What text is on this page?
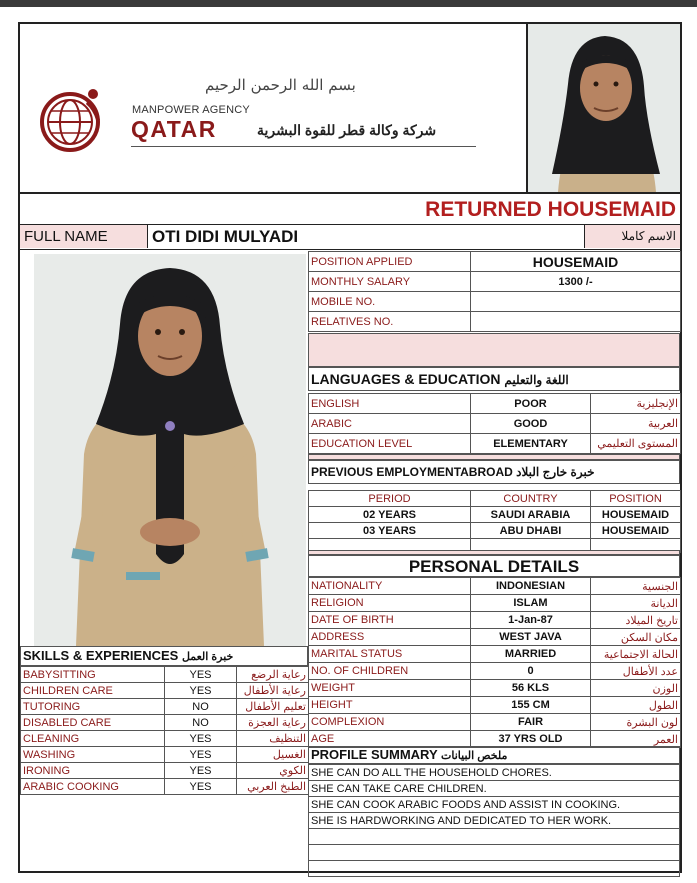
بسم الله الرحمن الرحيم
MANPOWER AGENCY
QATAR	شركة وكالة قطر للقوة البشرية
RETURNED HOUSEMAID
FULL NAME	OTI DIDI MULYADI	الاسم كاملا
POSITION APPLIED	HOUSEMAID
MONTHLY SALARY	1300 /-
MOBILE NO.	
RELATIVES NO.	
LANGUAGES & EDUCATION اللغة والتعليم
ENGLISH	POOR	الإنجليزية
ARABIC	GOOD	العربية
EDUCATION LEVEL	ELEMENTARY	المستوى التعليمي
PREVIOUS EMPLOYMENTABROAD خبرة خارج البلاد
PERIOD	COUNTRY	POSITION
02 YEARS	SAUDI ARABIA	HOUSEMAID
03 YEARS	ABU DHABI	HOUSEMAID

PERSONAL DETAILS
NATIONALITY	INDONESIAN	الجنسية
RELIGION	ISLAM	الديانة
DATE OF BIRTH	1-Jan-87	تاريخ الميلاد
ADDRESS	WEST JAVA	مكان السكن
MARITAL STATUS	MARRIED	الحالة الاجتماعية
NO. OF CHILDREN	0	عدد الأطفال
WEIGHT	56 KLS	الوزن
HEIGHT	155 CM	الطول
COMPLEXION	FAIR	لون البشرة
AGE	37 YRS OLD	العمر
SKILLS & EXPERIENCES خبرة العمل
BABYSITTING	YES	رعاية الرضع
CHILDREN CARE	YES	رعاية الأطفال
TUTORING	NO	تعليم الأطفال
DISABLED CARE	NO	رعاية العجزة
CLEANING	YES	التنظيف
WASHING	YES	الغسيل
IRONING	YES	الكوي
ARABIC COOKING	YES	الطبخ العربي
PROFILE SUMMARY ملخص البيانات
SHE CAN DO ALL THE HOUSEHOLD CHORES.
SHE CAN TAKE CARE CHILDREN.
SHE CAN COOK ARABIC FOODS AND ASSIST IN COOKING.
SHE IS HARDWORKING AND DEDICATED TO HER WORK.
